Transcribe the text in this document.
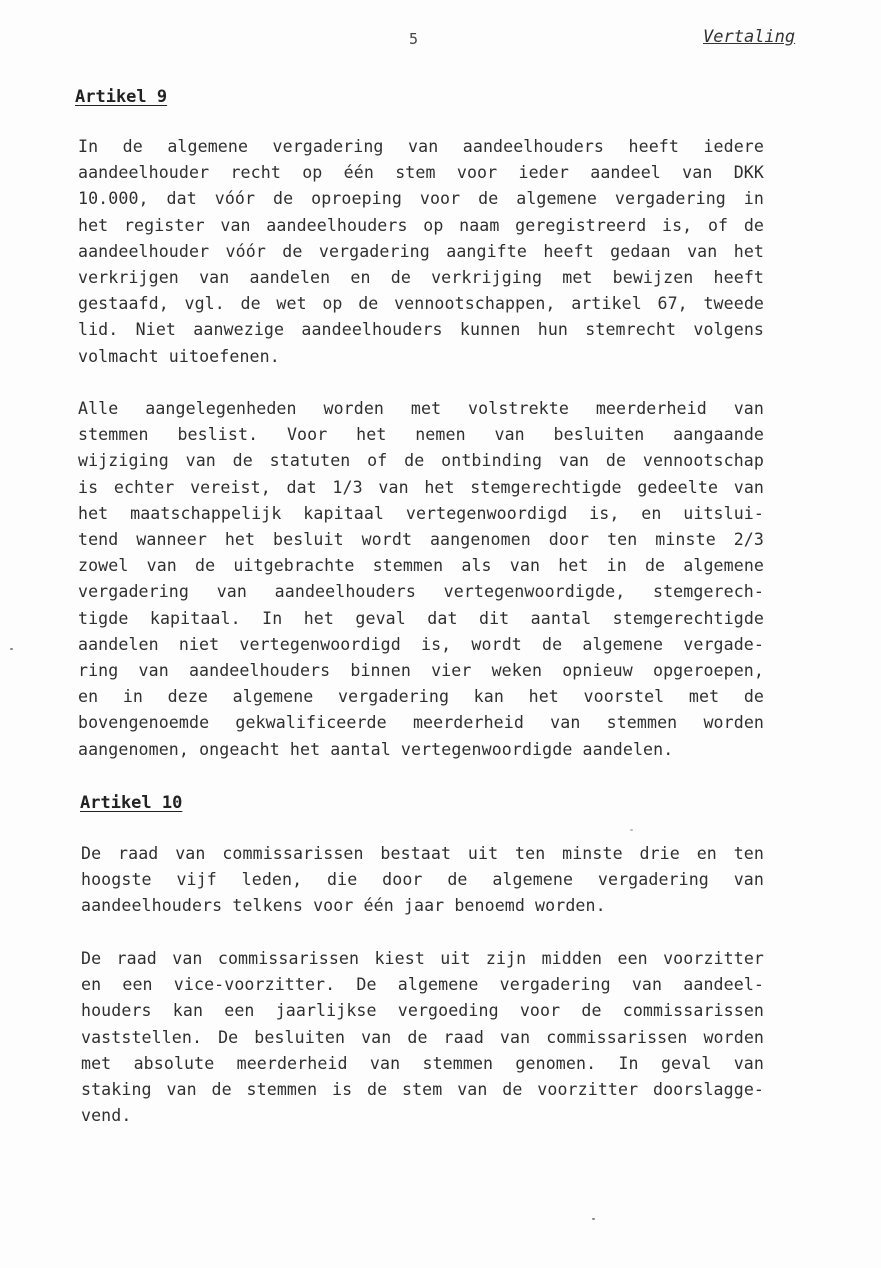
5	Vertaling
Artikel 9
In de algemene vergadering van aandeelhouders heeft iedere
aandeelhouder recht op één stem voor ieder aandeel van DKK
10.000, dat vóór de oproeping voor de algemene vergadering in
het register van aandeelhouders op naam geregistreerd is, of de
aandeelhouder vóór de vergadering aangifte heeft gedaan van het
verkrijgen van aandelen en de verkrijging met bewijzen heeft
gestaafd, vgl. de wet op de vennootschappen, artikel 67, tweede
lid. Niet aanwezige aandeelhouders kunnen hun stemrecht volgens
volmacht uitoefenen.
Alle aangelegenheden worden met volstrekte meerderheid van
stemmen beslist. Voor het nemen van besluiten aangaande
wijziging van de statuten of de ontbinding van de vennootschap
is echter vereist, dat 1/3 van het stemgerechtigde gedeelte van
het maatschappelijk kapitaal vertegenwoordigd is, en uitslui-
tend wanneer het besluit wordt aangenomen door ten minste 2/3
zowel van de uitgebrachte stemmen als van het in de algemene
vergadering van aandeelhouders vertegenwoordigde, stemgerech-
tigde kapitaal. In het geval dat dit aantal stemgerechtigde
aandelen niet vertegenwoordigd is, wordt de algemene vergade-
ring van aandeelhouders binnen vier weken opnieuw opgeroepen,
en in deze algemene vergadering kan het voorstel met de
bovengenoemde gekwalificeerde meerderheid van stemmen worden
aangenomen, ongeacht het aantal vertegenwoordigde aandelen.
Artikel 10
De raad van commissarissen bestaat uit ten minste drie en ten
hoogste vijf leden, die door de algemene vergadering van
aandeelhouders telkens voor één jaar benoemd worden.
De raad van commissarissen kiest uit zijn midden een voorzitter
en een vice-voorzitter. De algemene vergadering van aandeel-
houders kan een jaarlijkse vergoeding voor de commissarissen
vaststellen. De besluiten van de raad van commissarissen worden
met absolute meerderheid van stemmen genomen. In geval van
staking van de stemmen is de stem van de voorzitter doorslagge-
vend.
